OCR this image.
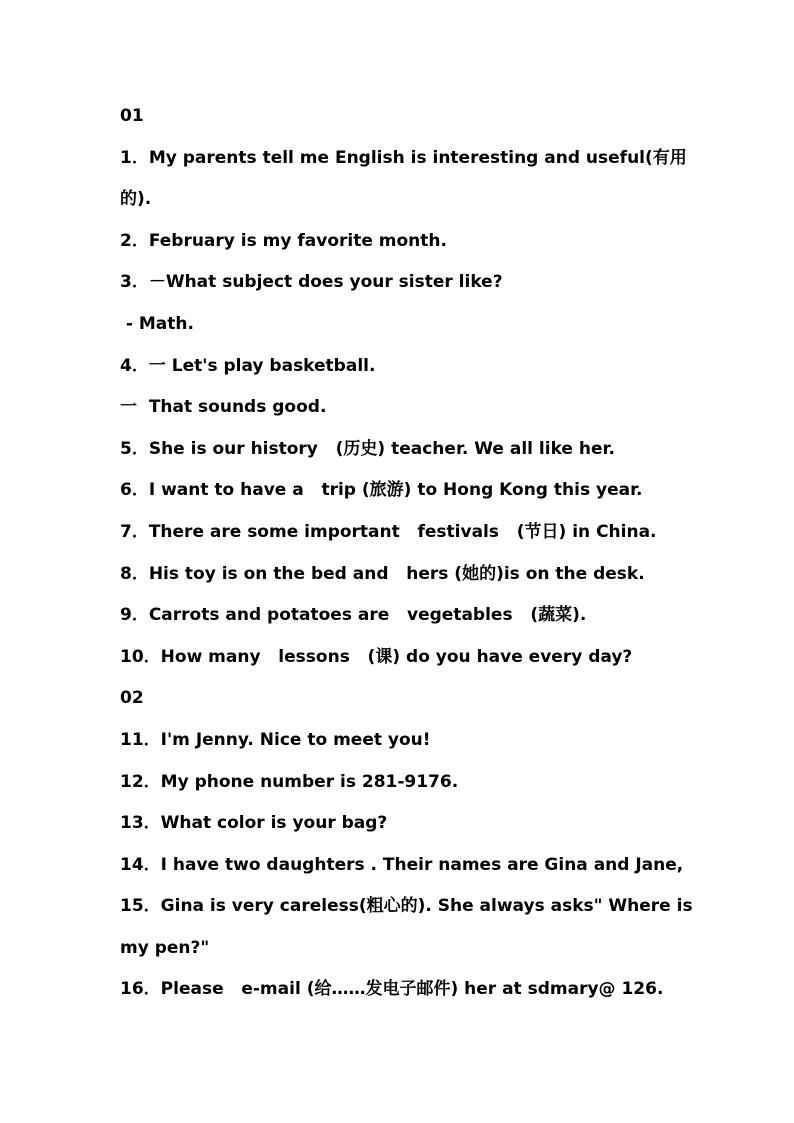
01
1．My parents tell me English is interesting and useful(有用
的).
2．February is my favorite month.
3．－What subject does your sister like?
- Math.
4．一 Let's play basketball.
一  That sounds good.
5．She is our history   (历史) teacher. We all like her.
6．I want to have a   trip (旅游) to Hong Kong this year.
7．There are some important   festivals   (节日) in China.
8．His toy is on the bed and   hers (她的)is on the desk.
9．Carrots and potatoes are   vegetables   (蔬菜).
10．How many   lessons   (课) do you have every day?
02
11．I'm Jenny. Nice to meet you!
12．My phone number is 281-9176.
13．What color is your bag?
14．I have two daughters . Their names are Gina and Jane,
15．Gina is very careless(粗心的). She always asks" Where is
my pen?"
16．Please   e-mail (给……发电子邮件) her at sdmary@ 126.
